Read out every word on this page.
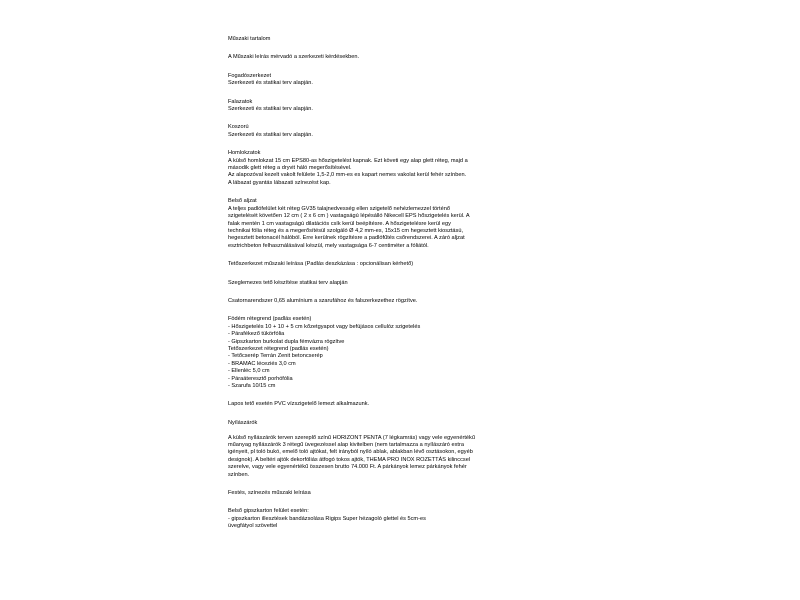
Műszaki tartalom

A Műszaki leírás mérvadó a szerkezeti kérdésekben.

Fogadószerkezet

Szerkezeti és statikai terv alapján.

Falazatok

Szerkezeti és statikai terv alapján.

Koszorú

Szerkezeti és statikai terv alapján.

Homlokzatok

A külső homlokzat 15 cm EPS80-as hőszigetelést kapnak. Ezt követi egy alap glett réteg, majd a

második glett réteg a dryvit háló megerősítésével.

Az alapozóval kezelt vakolt felülete 1,5-2,0 mm-es es kapart nemes vakolat kerül fehér színben.

A lábazat gyantás lábazati színezést kap.

Belső aljzat

A teljes padlófelület két réteg GV35 talajnedvesség ellen szigetelő nehézlemezzel történő

szigetelését követően 12 cm ( 2 x 6 cm ) vastagságú lépésálló Nikecell EPS hőszigetelés kerül. A

falak mentén 1 cm vastagságú dilatációs csík kerül beépítésre. A hőszigetelésre kerül egy

technikai fólia réteg és a megerősítésül szolgáló Ø 4,2 mm-es, 15x15 cm hegesztett kiosztású,

hegesztett betonacél hálóból. Erre kerülnek rögzítésre a padlófűtés csőrendszerei. A záró aljzat

esztrichbeton felhasználásával készül, mely vastagsága 6-7 centiméter a fóliától.

Tetőszerkezet műszaki leírása (Padlás deszkázása : opcionálisan kérhető)

Szeglemezes tető készítése statikai terv alapján

Csatornarendszer 0,65 alumínium a szarufához és falszerkezethez rögzítve.

Födém rétegrend (padlás esetén)

- Hőszigetelés 10 + 10 + 5 cm kőzetgyapot vagy befújásos cellulóz szigetelés

- Párafékező tükörfólia

- Gipszkarton burkolat dupla fémvázra rögzítve

Tetőszerkezet rétegrend (padlás esetén)

- Tetőcserép Terrán Zenit betoncserép

- BRAMAC léceziés 3,0 cm

- Ellenléc 5,0 cm

- Páraáteresztő porhófólia

- Szarufa 10/15 cm

Lapos tető esetén PVC vízszigetelő lemezt alkalmazunk.

Nyílászárók

A külső nyílászárók terven szereplő színű HORIZONT PENTA (7 légkamrás) vagy vele egyenértékű

műanyag nyílászárók 3 rétegű üvegezéssel alap kivitelben (nem tartalmazza a nyílászáró extra

igényeit, pl toló bukó, emelő toló ajtókat, felt irányból nyíló ablak, ablakban lévő osztásokon, egyéb

designok). A beltéri ajtók dekorfóliás átfogó tokos ajtók, THEMA PRO INOX ROZETTÁS kilinccsel

szerelve, vagy vele egyenértékű összesen brutto 74.000 Ft. A párkányok lemez párkányok fehér

színben.

Festés, színezés műszaki leírása

Belső gipszkarton felület esetén:

- gipszkarton illesztések bandázsolása Rigips Super hézagoló glettel és 5cm-es

üvegfátyol szövettel
